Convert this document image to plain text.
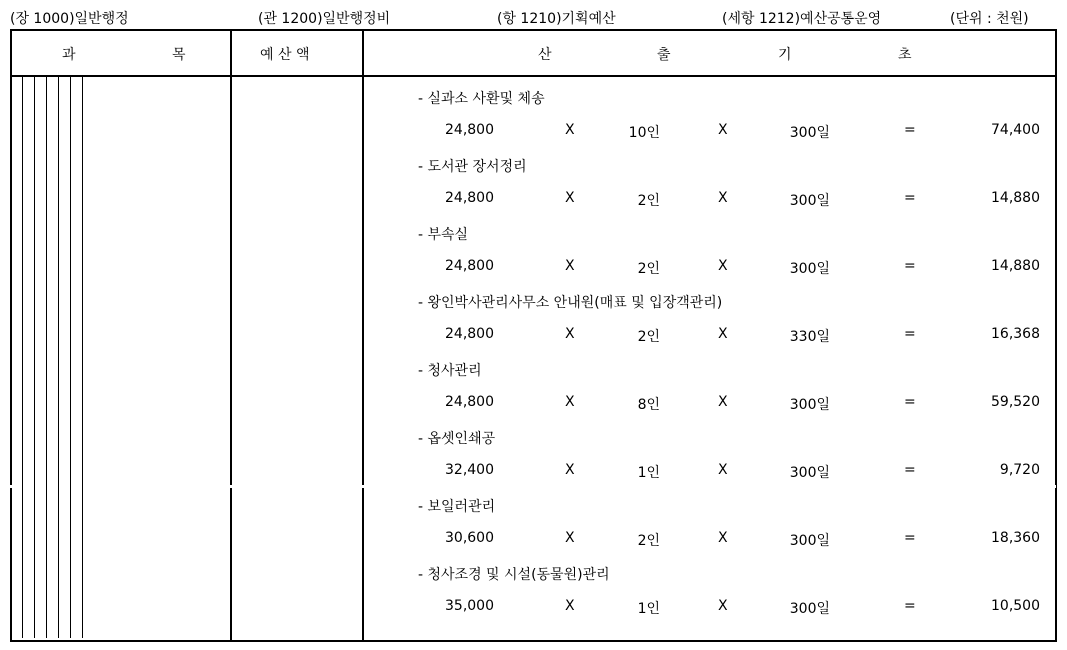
(장 1000)일반행정	(관 1200)일반행정비	(항 1210)기획예산	(세항 1212)예산공통운영	(단위 : 천원)
과	목	예 산 액	산	출	기	초
- 실과소 사환및 체송
24,800	X	10인	X	300일	=	74,400
- 도서관 장서정리
24,800	X	2인	X	300일	=	14,880
- 부속실
24,800	X	2인	X	300일	=	14,880
- 왕인박사관리사무소 안내원(매표 및 입장객관리)
24,800	X	2인	X	330일	=	16,368
- 청사관리
24,800	X	8인	X	300일	=	59,520
- 옵셋인쇄공
32,400	X	1인	X	300일	=	9,720
- 보일러관리
30,600	X	2인	X	300일	=	18,360
- 청사조경 및 시설(동물원)관리
35,000	X	1인	X	300일	=	10,500
